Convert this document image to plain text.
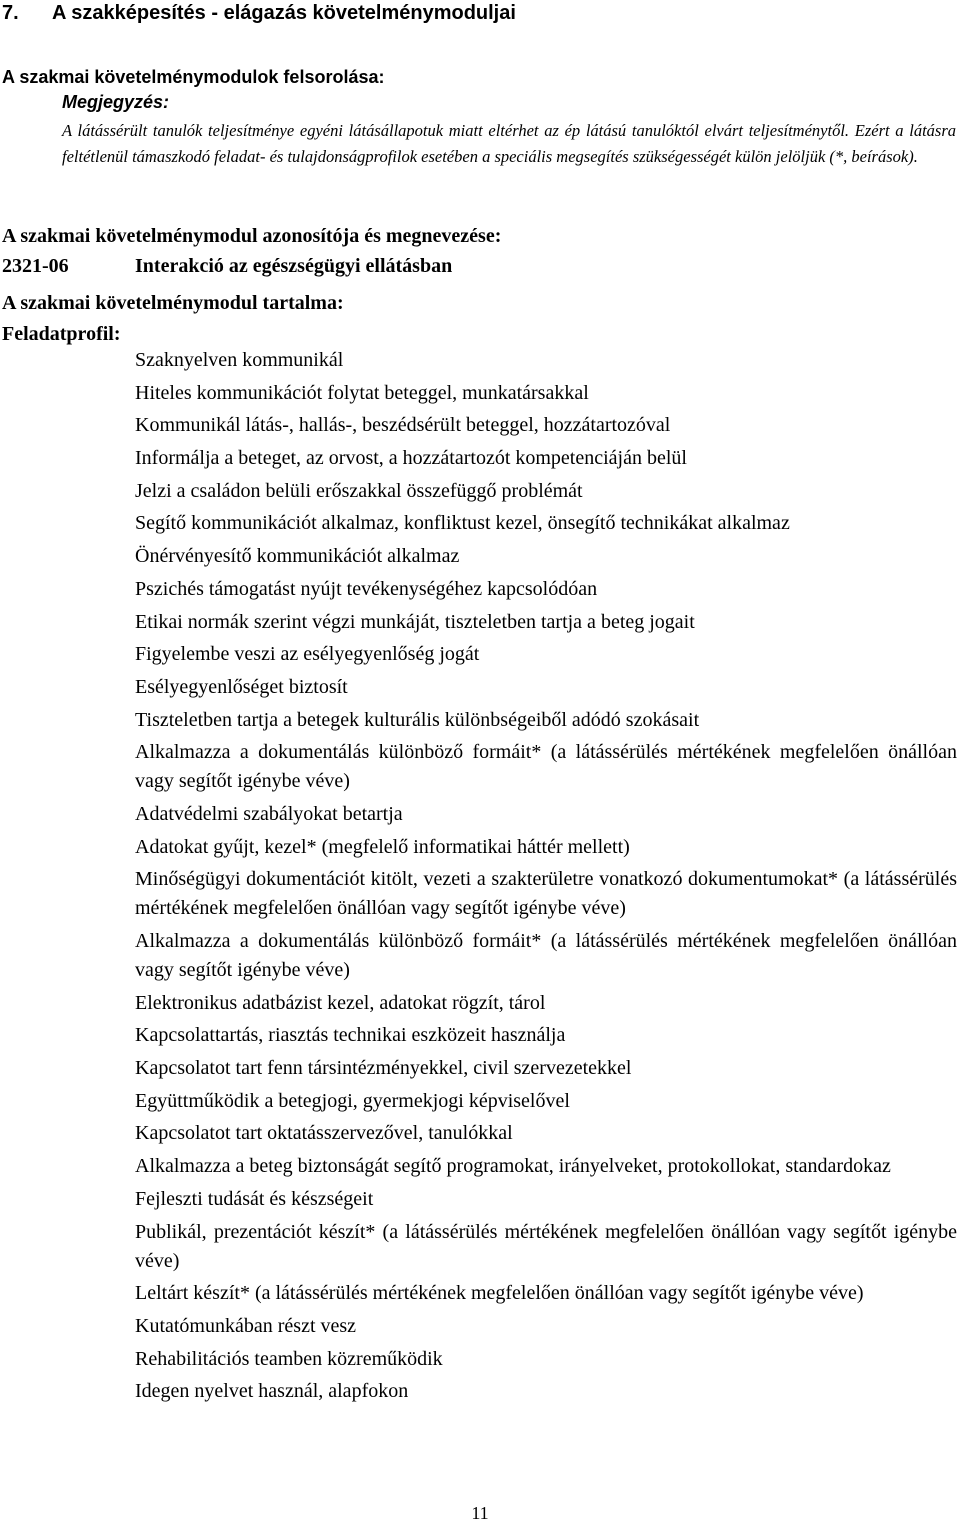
7. A szakképesítés - elágazás követelménymoduljai
A szakmai követelménymodulok felsorolása:
Megjegyzés:
A látássérült tanulók teljesítménye egyéni látásállapotuk miatt eltérhet az ép látású tanulóktól elvárt teljesítménytől. Ezért a látásra feltétlenül támaszkodó feladat- és tulajdonságprofilok esetében a speciális megsegítés szükségességét külön jelöljük (*, beírások).
A szakmai követelménymodul azonosítója és megnevezése:
2321-06	Interakció az egészségügyi ellátásban
A szakmai követelménymodul tartalma:
Feladatprofil:
Szaknyelven kommunikál
Hiteles kommunikációt folytat beteggel, munkatársakkal
Kommunikál látás-, hallás-, beszédsérült beteggel, hozzátartozóval
Informálja a beteget, az orvost, a hozzátartozót kompetenciáján belül
Jelzi a családon belüli erőszakkal összefüggő problémát
Segítő kommunikációt alkalmaz, konfliktust kezel, önsegítő technikákat alkalmaz
Önérvényesítő kommunikációt alkalmaz
Pszichés támogatást nyújt tevékenységéhez kapcsolódóan
Etikai normák szerint végzi munkáját, tiszteletben tartja a beteg jogait
Figyelembe veszi az esélyegyenlőség jogát
Esélyegyenlőséget biztosít
Tiszteletben tartja a betegek kulturális különbségeiből adódó szokásait
Alkalmazza a dokumentálás különböző formáit* (a látássérülés mértékének megfelelően önállóan vagy segítőt igénybe véve)
Adatvédelmi szabályokat betartja
Adatokat gyűjt, kezel* (megfelelő informatikai háttér mellett)
Minőségügyi dokumentációt kitölt, vezeti a szakterületre vonatkozó dokumentumokat* (a látássérülés mértékének megfelelően önállóan vagy segítőt igénybe véve)
Alkalmazza a dokumentálás különböző formáit* (a látássérülés mértékének megfelelően önállóan vagy segítőt igénybe véve)
Elektronikus adatbázist kezel, adatokat rögzít, tárol
Kapcsolattartás, riasztás technikai eszközeit használja
Kapcsolatot tart fenn társintézményekkel, civil szervezetekkel
Együttműködik a betegjogi, gyermekjogi képviselővel
Kapcsolatot tart oktatásszervezővel, tanulókkal
Alkalmazza a beteg biztonságát segítő programokat, irányelveket, protokollokat, standardokaz
Fejleszti tudását és készségeit
Publikál, prezentációt készít* (a látássérülés mértékének megfelelően önállóan vagy segítőt igénybe véve)
Leltárt készít* (a látássérülés mértékének megfelelően önállóan vagy segítőt igénybe véve)
Kutatómunkában részt vesz
Rehabilitációs teamben közreműködik
Idegen nyelvet használ, alapfokon
11
